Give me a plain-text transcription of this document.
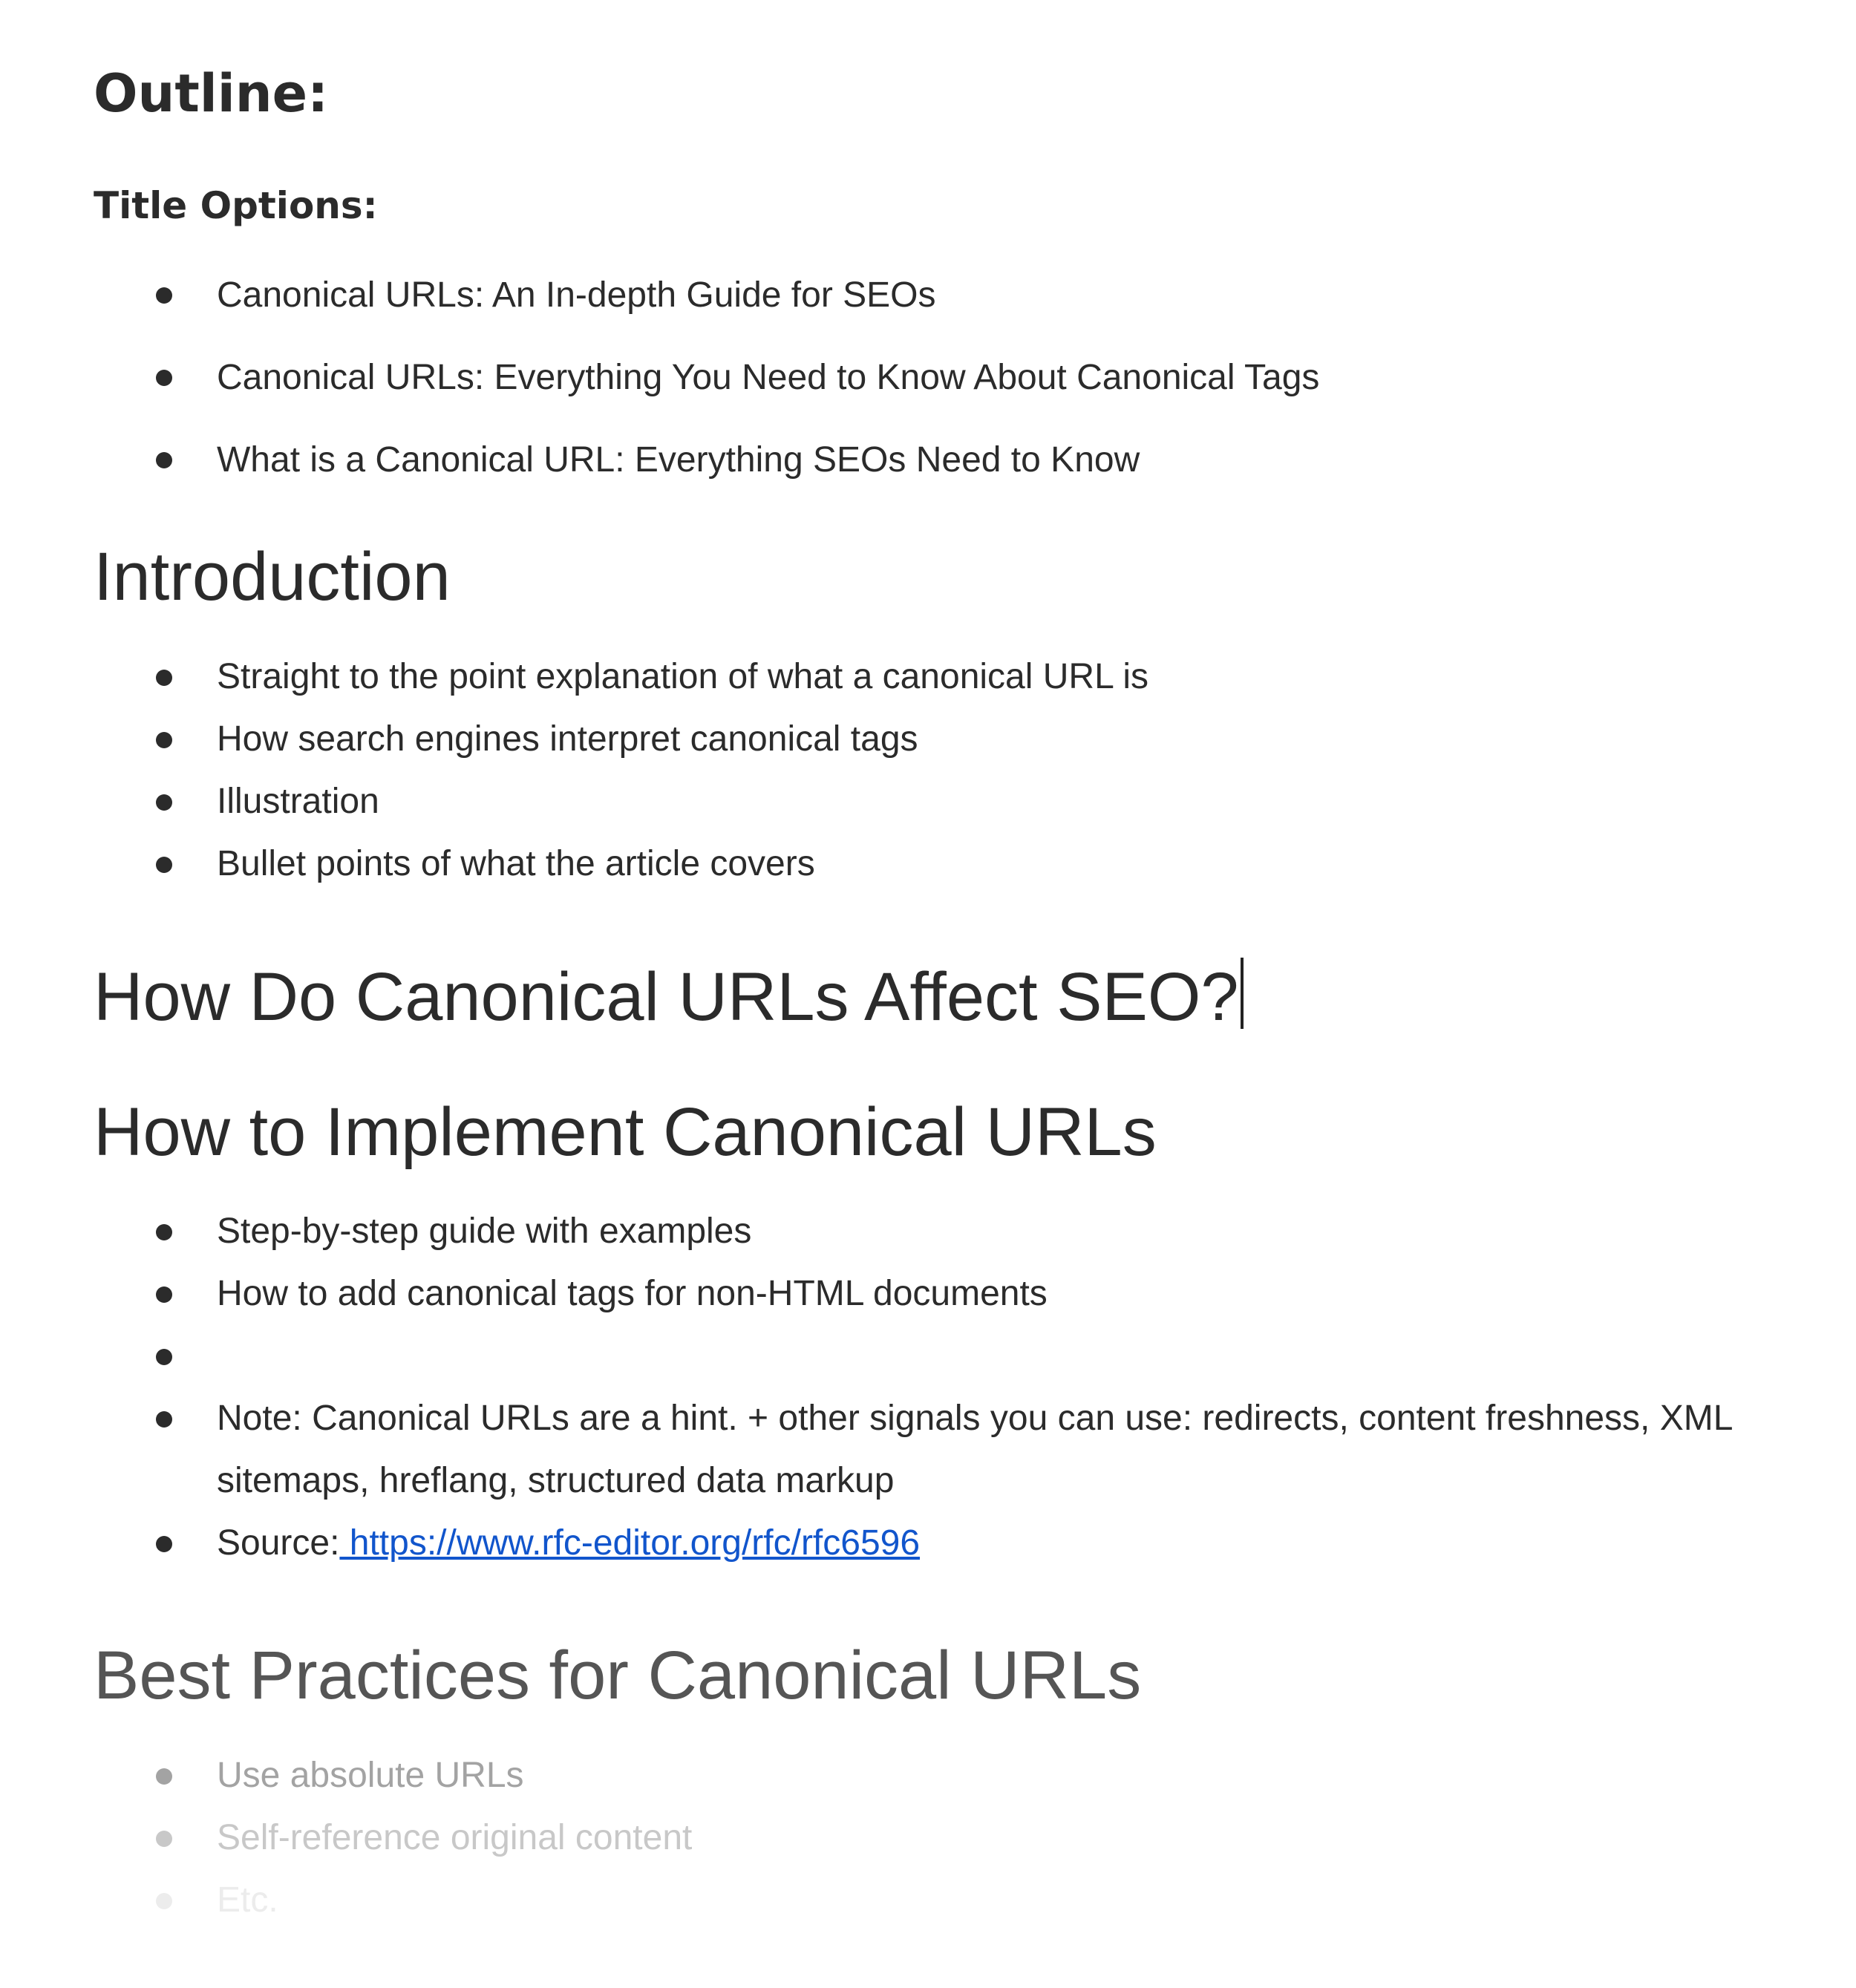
Outline:
Title Options:
Canonical URLs: An In-depth Guide for SEOs
Canonical URLs: Everything You Need to Know About Canonical Tags
What is a Canonical URL: Everything SEOs Need to Know
Introduction
Straight to the point explanation of what a canonical URL is
How search engines interpret canonical tags
Illustration
Bullet points of what the article covers
How Do Canonical URLs Affect SEO?
How to Implement Canonical URLs
Step-by-step guide with examples
How to add canonical tags for non-HTML documents
Note: Canonical URLs are a hint. + other signals you can use: redirects, content freshness, XML sitemaps, hreflang, structured data markup
Source: https://www.rfc-editor.org/rfc/rfc6596
Best Practices for Canonical URLs
Use absolute URLs
Self-reference original content
Etc.
